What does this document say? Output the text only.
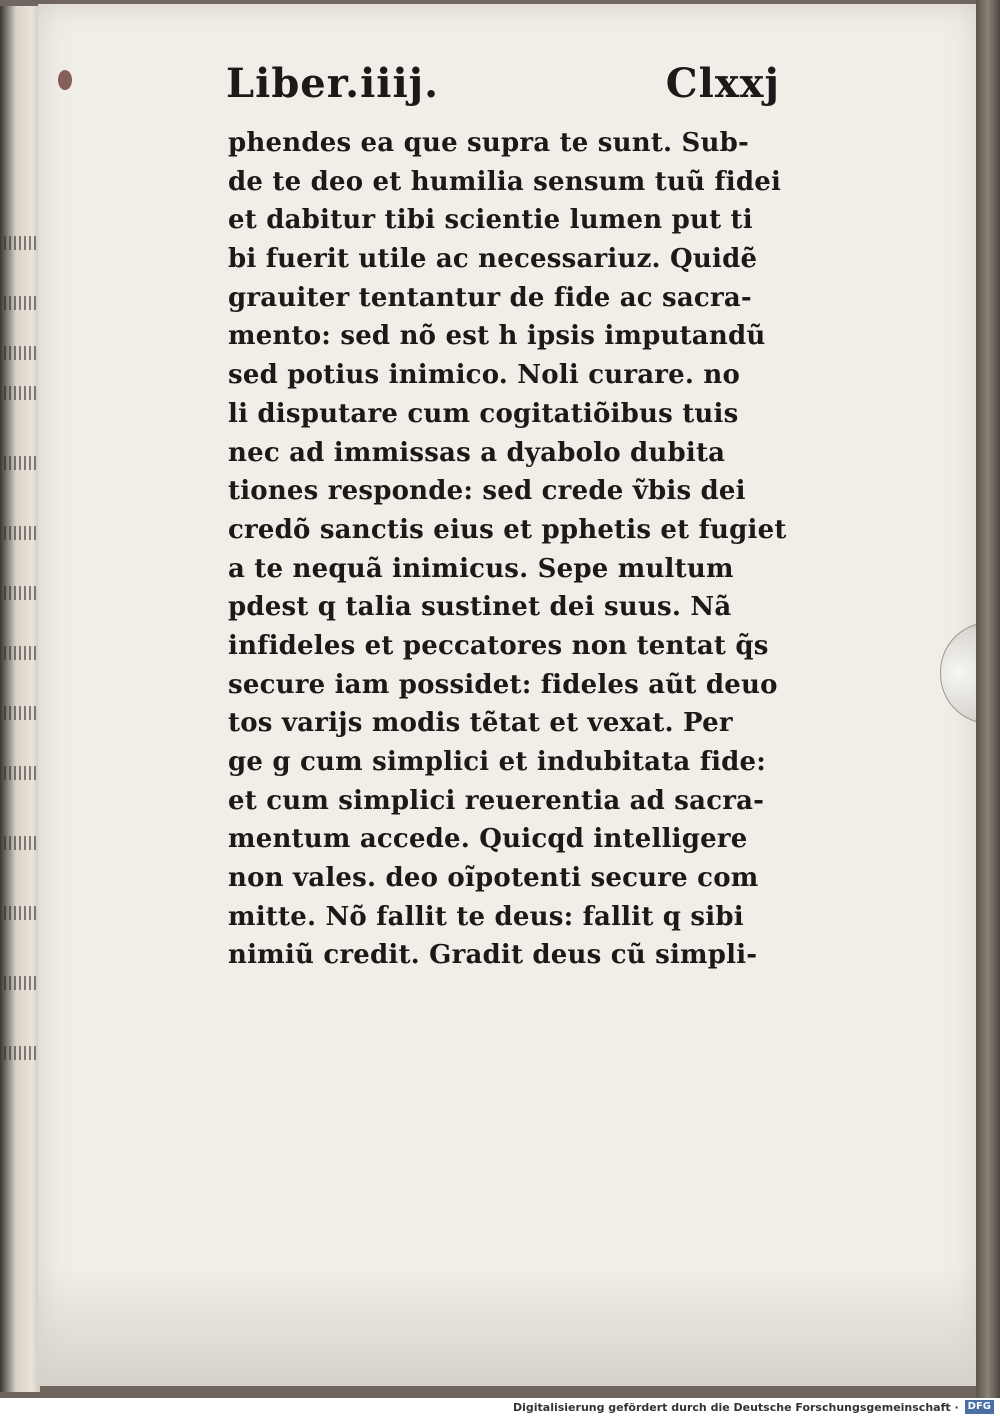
Liber.iiij.	Clxxj
phendes ea que supra te sunt. Sub-
de te deo et humilia sensum tuũ fidei
et dabitur tibi scientie lumen put ti
bi fuerit utile ac necessariuz. Quidẽ
grauiter tentantur de fide ac sacra-
mento: sed nõ est h ipsis imputandũ
sed potius inimico. Noli curare. no
li disputare cum cogitatiõibus tuis
nec ad immissas a dyabolo dubita
tiones responde: sed crede ṽbis dei
credõ sanctis eius et pphetis et fugiet
a te nequã inimicus. Sepe multum
pdest q talia sustinet dei suus. Nã
infideles et peccatores non tentat q̃s
secure iam possidet: fideles aũt deuo
tos varijs modis tẽtat et vexat. Per
ge g cum simplici et indubitata fide:
et cum simplici reuerentia ad sacra-
mentum accede. Quicqd intelligere
non vales. deo oĩpotenti secure com
mitte. Nõ fallit te deus: fallit q sibi
nimiũ credit. Gradit deus cũ simpli-
Digitalisierung gefördert durch die Deutsche Forschungsgemeinschaft · DFG
